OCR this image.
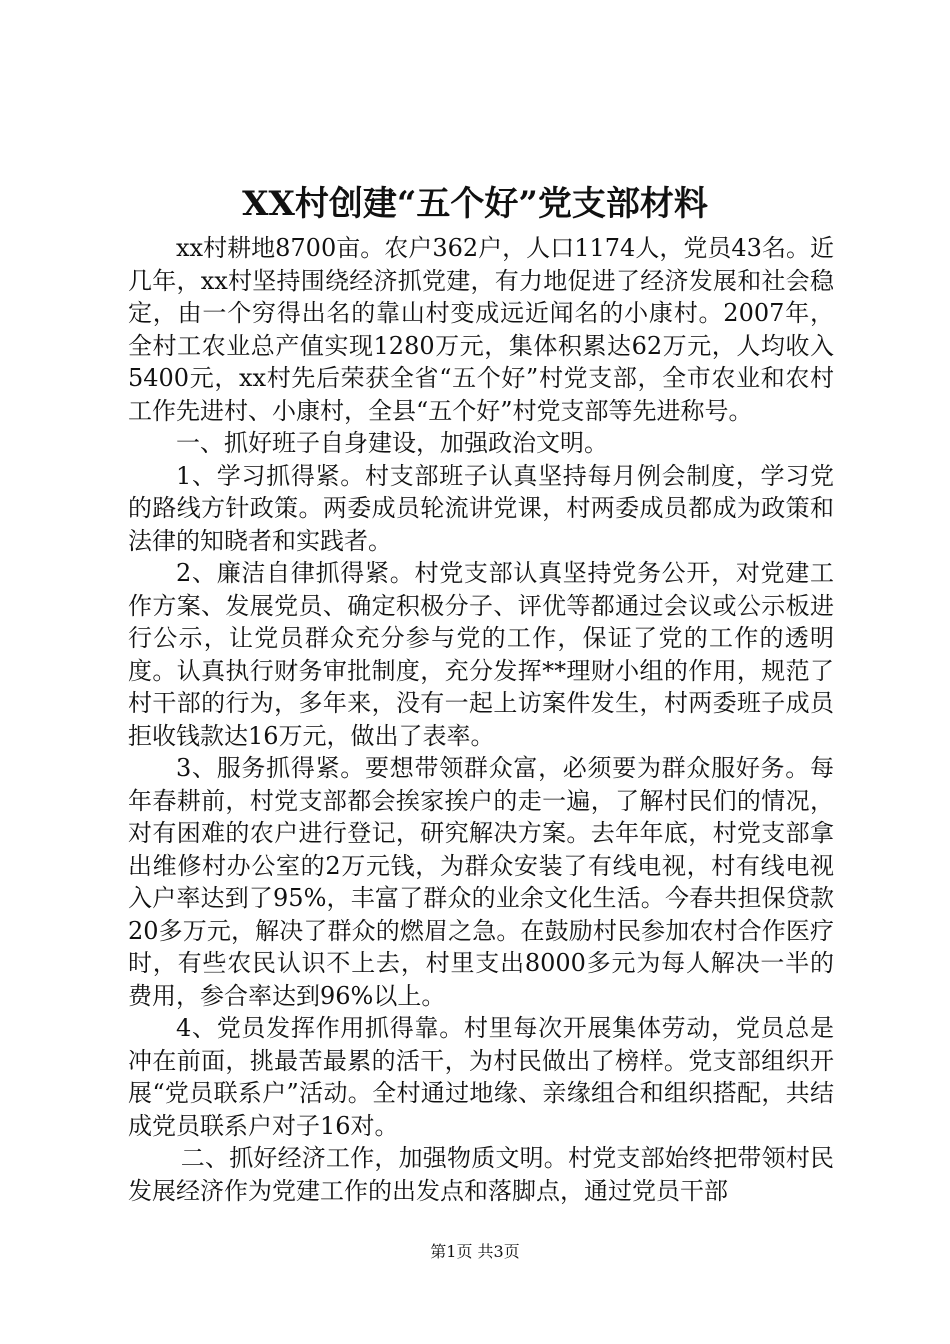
XX村创建“五个好”党支部材料

xx村耕地8700亩。农户362户，人口1174人，党员43名。近几年，xx村坚持围绕经济抓党建，有力地促进了经济发展和社会稳定，由一个穷得出名的靠山村变成远近闻名的小康村。2007年，全村工农业总产值实现1280万元，集体积累达62万元，人均收入5400元，xx村先后荣获全省“五个好”村党支部，全市农业和农村工作先进村、小康村，全县“五个好”村党支部等先进称号。

一、抓好班子自身建设，加强政治文明。

1、学习抓得紧。村支部班子认真坚持每月例会制度，学习党的路线方针政策。两委成员轮流讲党课，村两委成员都成为政策和法律的知晓者和实践者。

2、廉洁自律抓得紧。村党支部认真坚持党务公开，对党建工作方案、发展党员、确定积极分子、评优等都通过会议或公示板进行公示，让党员群众充分参与党的工作，保证了党的工作的透明度。认真执行财务审批制度，充分发挥**理财小组的作用，规范了村干部的行为，多年来，没有一起上访案件发生，村两委班子成员拒收钱款达16万元，做出了表率。

3、服务抓得紧。要想带领群众富，必须要为群众服好务。每年春耕前，村党支部都会挨家挨户的走一遍，了解村民们的情况，对有困难的农户进行登记，研究解决方案。去年年底，村党支部拿出维修村办公室的2万元钱，为群众安装了有线电视，村有线电视入户率达到了95%，丰富了群众的业余文化生活。今春共担保贷款20多万元，解决了群众的燃眉之急。在鼓励村民参加农村合作医疗时，有些农民认识不上去，村里支出8000多元为每人解决一半的费用，参合率达到96%以上。

4、党员发挥作用抓得靠。村里每次开展集体劳动，党员总是冲在前面，挑最苦最累的活干，为村民做出了榜样。党支部组织开展“党员联系户”活动。全村通过地缘、亲缘组合和组织搭配，共结成党员联系户对子16对。

二、抓好经济工作，加强物质文明。村党支部始终把带领村民发展经济作为党建工作的出发点和落脚点，通过党员干部

第1页 共3页
